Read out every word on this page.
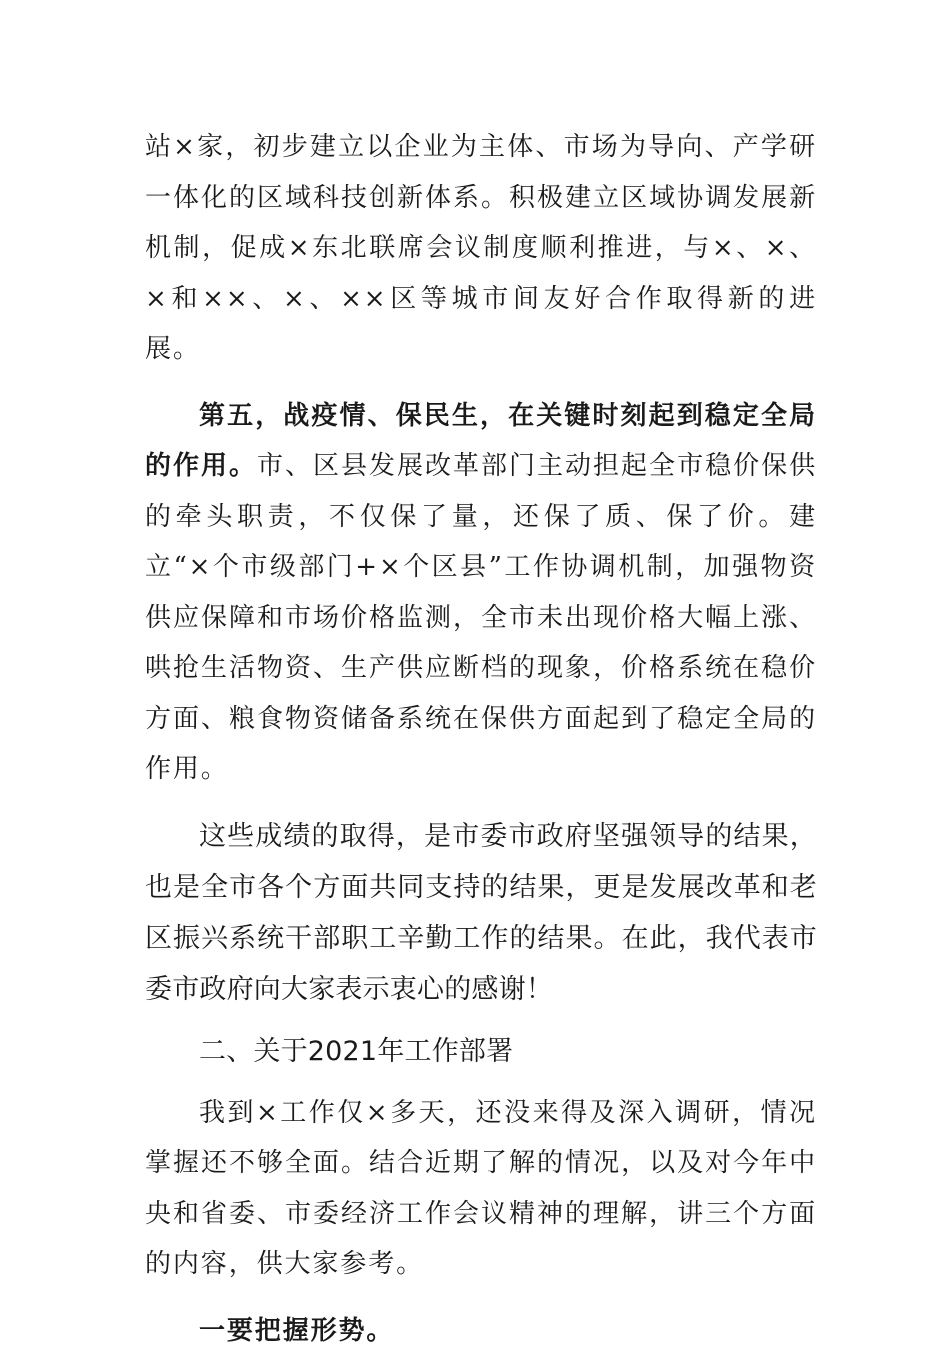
站×家，初步建立以企业为主体、市场为导向、产学研一体化的区域科技创新体系。积极建立区域协调发展新机制，促成×东北联席会议制度顺利推进，与×、×、×和××、×、××区等城市间友好合作取得新的进展。

第五，战疫情、保民生，在关键时刻起到稳定全局的作用。市、区县发展改革部门主动担起全市稳价保供的牵头职责，不仅保了量，还保了质、保了价。建立“×个市级部门+×个区县”工作协调机制，加强物资供应保障和市场价格监测，全市未出现价格大幅上涨、哄抢生活物资、生产供应断档的现象，价格系统在稳价方面、粮食物资储备系统在保供方面起到了稳定全局的作用。

这些成绩的取得，是市委市政府坚强领导的结果，也是全市各个方面共同支持的结果，更是发展改革和老区振兴系统干部职工辛勤工作的结果。在此，我代表市委市政府向大家表示衷心的感谢！

二、关于2021年工作部署

我到×工作仅×多天，还没来得及深入调研，情况掌握还不够全面。结合近期了解的情况，以及对今年中央和省委、市委经济工作会议精神的理解，讲三个方面的内容，供大家参考。

一要把握形势。
